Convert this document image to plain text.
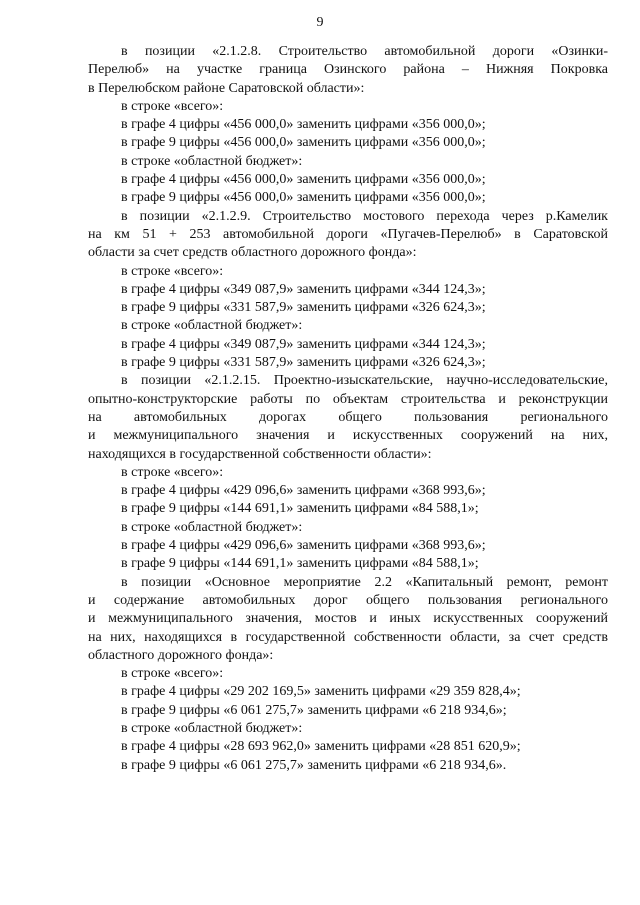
9
в позиции «2.1.2.8. Строительство автомобильной дороги «Озинки-
Перелюб» на участке граница Озинского района – Нижняя Покровка
в Перелюбском районе Саратовской области»:
в строке «всего»:
в графе 4 цифры «456 000,0» заменить цифрами «356 000,0»;
в графе 9 цифры «456 000,0» заменить цифрами «356 000,0»;
в строке «областной бюджет»:
в графе 4 цифры «456 000,0» заменить цифрами «356 000,0»;
в графе 9 цифры «456 000,0» заменить цифрами «356 000,0»;
в позиции «2.1.2.9. Строительство мостового перехода через р.Камелик
на км 51 + 253 автомобильной дороги «Пугачев-Перелюб» в Саратовской
области за счет средств областного дорожного фонда»:
в строке «всего»:
в графе 4 цифры «349 087,9» заменить цифрами «344 124,3»;
в графе 9 цифры «331 587,9» заменить цифрами «326 624,3»;
в строке «областной бюджет»:
в графе 4 цифры «349 087,9» заменить цифрами «344 124,3»;
в графе 9 цифры «331 587,9» заменить цифрами «326 624,3»;
в позиции «2.1.2.15. Проектно-изыскательские, научно-исследовательские,
опытно-конструкторские работы по объектам строительства и реконструкции
на автомобильных дорогах общего пользования регионального
и межмуниципального значения и искусственных сооружений на них,
находящихся в государственной собственности области»:
в строке «всего»:
в графе 4 цифры «429 096,6» заменить цифрами «368 993,6»;
в графе 9 цифры «144 691,1» заменить цифрами «84 588,1»;
в строке «областной бюджет»:
в графе 4 цифры «429 096,6» заменить цифрами «368 993,6»;
в графе 9 цифры «144 691,1» заменить цифрами «84 588,1»;
в позиции «Основное мероприятие 2.2 «Капитальный ремонт, ремонт
и содержание автомобильных дорог общего пользования регионального
и межмуниципального значения, мостов и иных искусственных сооружений
на них, находящихся в государственной собственности области, за счет средств
областного дорожного фонда»:
в строке «всего»:
в графе 4 цифры «29 202 169,5» заменить цифрами «29 359 828,4»;
в графе 9 цифры «6 061 275,7» заменить цифрами «6 218 934,6»;
в строке «областной бюджет»:
в графе 4 цифры «28 693 962,0» заменить цифрами «28 851 620,9»;
в графе 9 цифры «6 061 275,7» заменить цифрами «6 218 934,6».
